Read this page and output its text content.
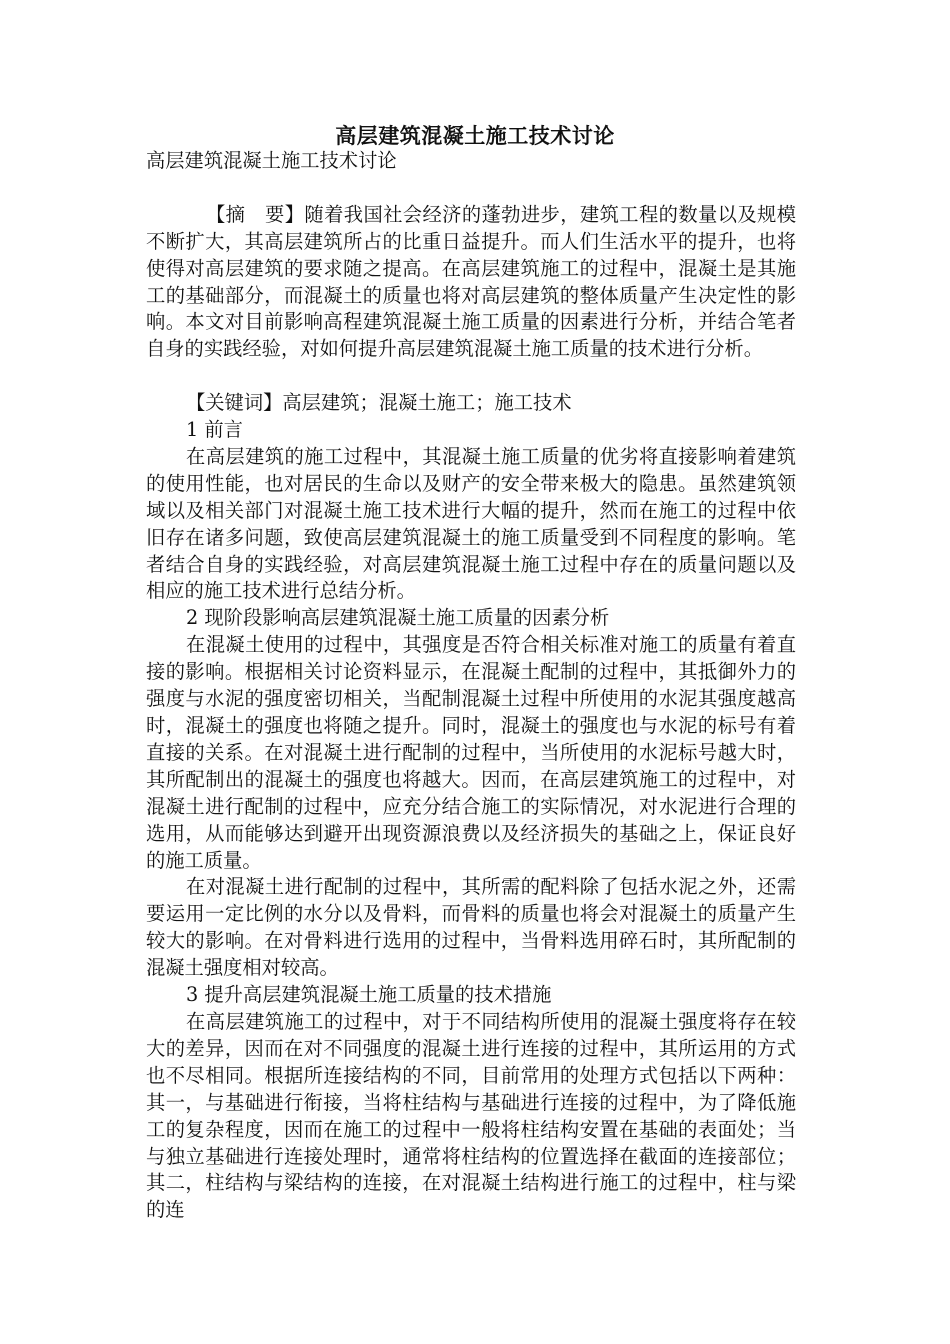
高层建筑混凝土施工技术讨论

高层建筑混凝土施工技术讨论

【摘　要】随着我国社会经济的蓬勃进步，建筑工程的数量以及规模不断扩大，其高层建筑所占的比重日益提升。而人们生活水平的提升，也将使得对高层建筑的要求随之提高。在高层建筑施工的过程中，混凝土是其施工的基础部分，而混凝土的质量也将对高层建筑的整体质量产生决定性的影响。本文对目前影响高程建筑混凝土施工质量的因素进行分析，并结合笔者自身的实践经验，对如何提升高层建筑混凝土施工质量的技术进行分析。

【关键词】高层建筑；混凝土施工；施工技术

1 前言

在高层建筑的施工过程中，其混凝土施工质量的优劣将直接影响着建筑的使用性能，也对居民的生命以及财产的安全带来极大的隐患。虽然建筑领域以及相关部门对混凝土施工技术进行大幅的提升，然而在施工的过程中依旧存在诸多问题，致使高层建筑混凝土的施工质量受到不同程度的影响。笔者结合自身的实践经验，对高层建筑混凝土施工过程中存在的质量问题以及相应的施工技术进行总结分析。

2 现阶段影响高层建筑混凝土施工质量的因素分析

在混凝土使用的过程中，其强度是否符合相关标准对施工的质量有着直接的影响。根据相关讨论资料显示，在混凝土配制的过程中，其抵御外力的强度与水泥的强度密切相关，当配制混凝土过程中所使用的水泥其强度越高时，混凝土的强度也将随之提升。同时，混凝土的强度也与水泥的标号有着直接的关系。在对混凝土进行配制的过程中，当所使用的水泥标号越大时，其所配制出的混凝土的强度也将越大。因而，在高层建筑施工的过程中，对混凝土进行配制的过程中，应充分结合施工的实际情况，对水泥进行合理的选用，从而能够达到避开出现资源浪费以及经济损失的基础之上，保证良好的施工质量。

在对混凝土进行配制的过程中，其所需的配料除了包括水泥之外，还需要运用一定比例的水分以及骨料，而骨料的质量也将会对混凝土的质量产生较大的影响。在对骨料进行选用的过程中，当骨料选用碎石时，其所配制的混凝土强度相对较高。

3 提升高层建筑混凝土施工质量的技术措施

在高层建筑施工的过程中，对于不同结构所使用的混凝土强度将存在较大的差异，因而在对不同强度的混凝土进行连接的过程中，其所运用的方式也不尽相同。根据所连接结构的不同，目前常用的处理方式包括以下两种：其一，与基础进行衔接，当将柱结构与基础进行连接的过程中，为了降低施工的复杂程度，因而在施工的过程中一般将柱结构安置在基础的表面处；当与独立基础进行连接处理时，通常将柱结构的位置选择在截面的连接部位；其二，柱结构与梁结构的连接，在对混凝土结构进行施工的过程中，柱与梁的连
